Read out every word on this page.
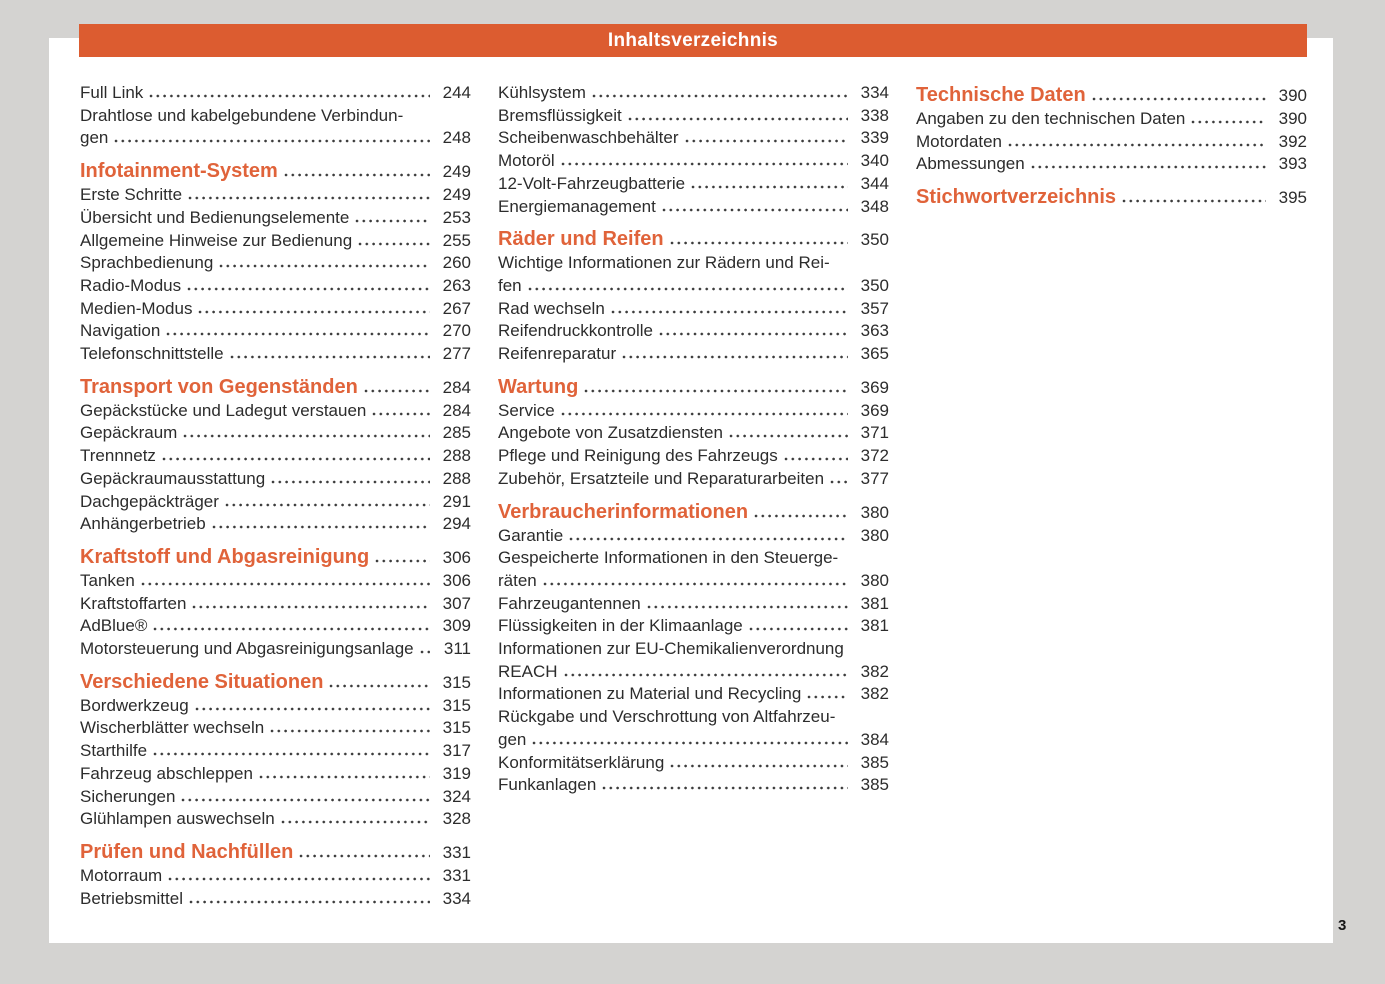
Inhaltsverzeichnis
Full Link	244
Drahtlose und kabelgebundene Verbindun-
gen	248
Infotainment-System	249
Erste Schritte	249
Übersicht und Bedienungselemente	253
Allgemeine Hinweise zur Bedienung	255
Sprachbedienung	260
Radio-Modus	263
Medien-Modus	267
Navigation	270
Telefonschnittstelle	277
Transport von Gegenständen	284
Gepäckstücke und Ladegut verstauen	284
Gepäckraum	285
Trennnetz	288
Gepäckraumausstattung	288
Dachgepäckträger	291
Anhängerbetrieb	294
Kraftstoff und Abgasreinigung	306
Tanken	306
Kraftstoffarten	307
AdBlue®	309
Motorsteuerung und Abgasreinigungsanlage	311
Verschiedene Situationen	315
Bordwerkzeug	315
Wischerblätter wechseln	315
Starthilfe	317
Fahrzeug abschleppen	319
Sicherungen	324
Glühlampen auswechseln	328
Prüfen und Nachfüllen	331
Motorraum	331
Betriebsmittel	334
Kühlsystem	334
Bremsflüssigkeit	338
Scheibenwaschbehälter	339
Motoröl	340
12-Volt-Fahrzeugbatterie	344
Energiemanagement	348
Räder und Reifen	350
Wichtige Informationen zur Rädern und Rei-
fen	350
Rad wechseln	357
Reifendruckkontrolle	363
Reifenreparatur	365
Wartung	369
Service	369
Angebote von Zusatzdiensten	371
Pflege und Reinigung des Fahrzeugs	372
Zubehör, Ersatzteile und Reparaturarbeiten	377
Verbraucherinformationen	380
Garantie	380
Gespeicherte Informationen in den Steuerge-
räten	380
Fahrzeugantennen	381
Flüssigkeiten in der Klimaanlage	381
Informationen zur EU-Chemikalienverordnung
REACH	382
Informationen zu Material und Recycling	382
Rückgabe und Verschrottung von Altfahrzeu-
gen	384
Konformitätserklärung	385
Funkanlagen	385
Technische Daten	390
Angaben zu den technischen Daten	390
Motordaten	392
Abmessungen	393
Stichwortverzeichnis	395
3
